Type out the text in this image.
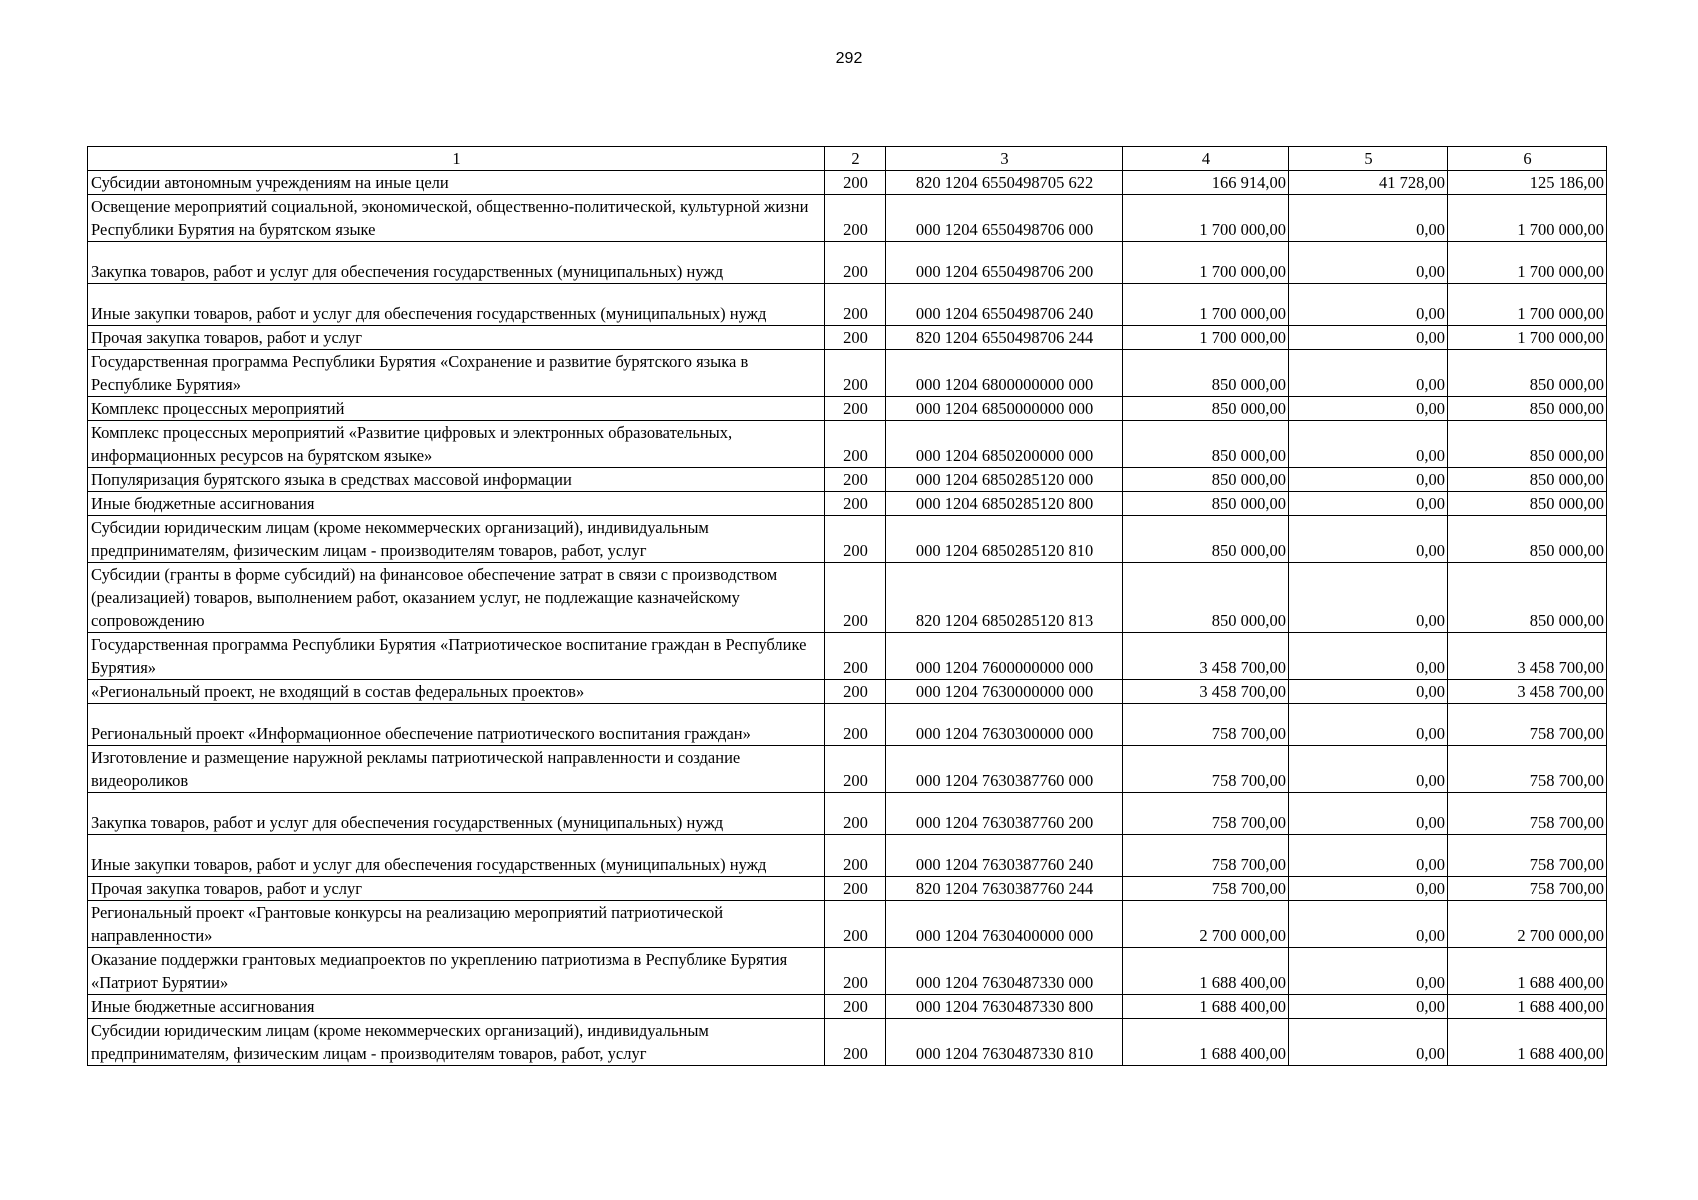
292
1	2	3	4	5	6
Субсидии автономным учреждениям на иные цели	200	820 1204 6550498705 622	166 914,00	41 728,00	125 186,00
Освещение мероприятий социальной, экономической, общественно-политической, культурной жизни Республики Бурятия на бурятском языке	200	000 1204 6550498706 000	1 700 000,00	0,00	1 700 000,00
Закупка товаров, работ и услуг для обеспечения государственных (муниципальных) нужд	200	000 1204 6550498706 200	1 700 000,00	0,00	1 700 000,00
Иные закупки товаров, работ и услуг для обеспечения государственных (муниципальных) нужд	200	000 1204 6550498706 240	1 700 000,00	0,00	1 700 000,00
Прочая закупка товаров, работ и услуг	200	820 1204 6550498706 244	1 700 000,00	0,00	1 700 000,00
Государственная программа Республики Бурятия «Сохранение и развитие бурятского языка в Республике Бурятия»	200	000 1204 6800000000 000	850 000,00	0,00	850 000,00
Комплекс процессных мероприятий	200	000 1204 6850000000 000	850 000,00	0,00	850 000,00
Комплекс процессных мероприятий «Развитие цифровых и электронных образовательных, информационных ресурсов на бурятском языке»	200	000 1204 6850200000 000	850 000,00	0,00	850 000,00
Популяризация бурятского языка в средствах массовой информации	200	000 1204 6850285120 000	850 000,00	0,00	850 000,00
Иные бюджетные ассигнования	200	000 1204 6850285120 800	850 000,00	0,00	850 000,00
Субсидии юридическим лицам (кроме некоммерческих организаций), индивидуальным предпринимателям, физическим лицам - производителям товаров, работ, услуг	200	000 1204 6850285120 810	850 000,00	0,00	850 000,00
Субсидии (гранты в форме субсидий) на финансовое обеспечение затрат в связи с производством (реализацией) товаров, выполнением работ, оказанием услуг, не подлежащие казначейскому сопровождению	200	820 1204 6850285120 813	850 000,00	0,00	850 000,00
Государственная программа Республики Бурятия «Патриотическое воспитание граждан в Республике Бурятия»	200	000 1204 7600000000 000	3 458 700,00	0,00	3 458 700,00
«Региональный проект, не входящий в состав федеральных проектов»	200	000 1204 7630000000 000	3 458 700,00	0,00	3 458 700,00
Региональный проект «Информационное обеспечение патриотического воспитания граждан»	200	000 1204 7630300000 000	758 700,00	0,00	758 700,00
Изготовление и размещение наружной рекламы патриотической направленности и создание видеороликов	200	000 1204 7630387760 000	758 700,00	0,00	758 700,00
Закупка товаров, работ и услуг для обеспечения государственных (муниципальных) нужд	200	000 1204 7630387760 200	758 700,00	0,00	758 700,00
Иные закупки товаров, работ и услуг для обеспечения государственных (муниципальных) нужд	200	000 1204 7630387760 240	758 700,00	0,00	758 700,00
Прочая закупка товаров, работ и услуг	200	820 1204 7630387760 244	758 700,00	0,00	758 700,00
Региональный проект «Грантовые конкурсы на реализацию мероприятий патриотической направленности»	200	000 1204 7630400000 000	2 700 000,00	0,00	2 700 000,00
Оказание поддержки грантовых медиапроектов по укреплению патриотизма в Республике Бурятия «Патриот Бурятии»	200	000 1204 7630487330 000	1 688 400,00	0,00	1 688 400,00
Иные бюджетные ассигнования	200	000 1204 7630487330 800	1 688 400,00	0,00	1 688 400,00
Субсидии юридическим лицам (кроме некоммерческих организаций), индивидуальным предпринимателям, физическим лицам - производителям товаров, работ, услуг	200	000 1204 7630487330 810	1 688 400,00	0,00	1 688 400,00
